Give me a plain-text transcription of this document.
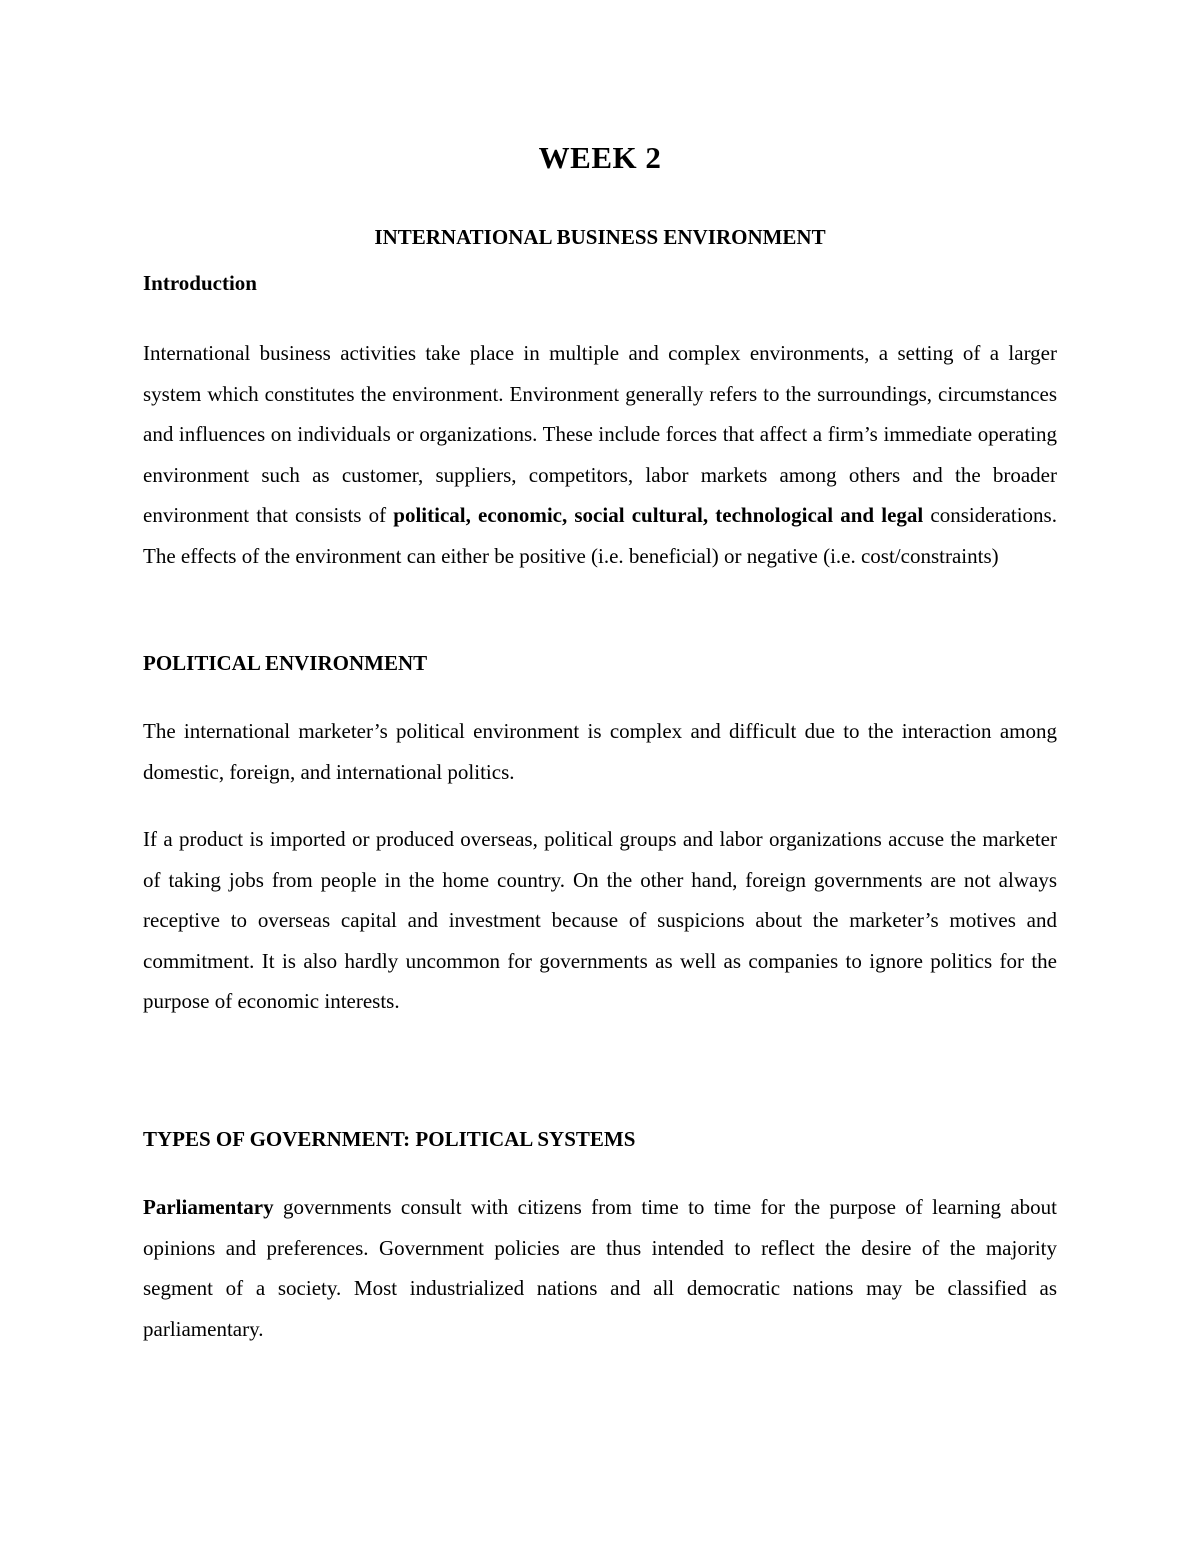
WEEK 2
INTERNATIONAL BUSINESS ENVIRONMENT
Introduction

International business activities take place in multiple and complex environments, a setting of a larger system which constitutes the environment. Environment generally refers to the surroundings, circumstances and influences on individuals or organizations. These include forces that affect a firm’s immediate operating environment such as customer, suppliers, competitors, labor markets among others and the broader environment that consists of political, economic, social cultural, technological and legal considerations. The effects of the environment can either be positive (i.e. beneficial) or negative (i.e. cost/constraints)

POLITICAL ENVIRONMENT

The international marketer’s political environment is complex and difficult due to the interaction among domestic, foreign, and international politics.

If a product is imported or produced overseas, political groups and labor organizations accuse the marketer of taking jobs from people in the home country. On the other hand, foreign governments are not always receptive to overseas capital and investment because of suspicions about the marketer’s motives and commitment. It is also hardly uncommon for governments as well as companies to ignore politics for the purpose of economic interests.

TYPES OF GOVERNMENT: POLITICAL SYSTEMS

Parliamentary governments consult with citizens from time to time for the purpose of learning about opinions and preferences. Government policies are thus intended to reflect the desire of the majority segment of a society. Most industrialized nations and all democratic nations may be classified as parliamentary.
